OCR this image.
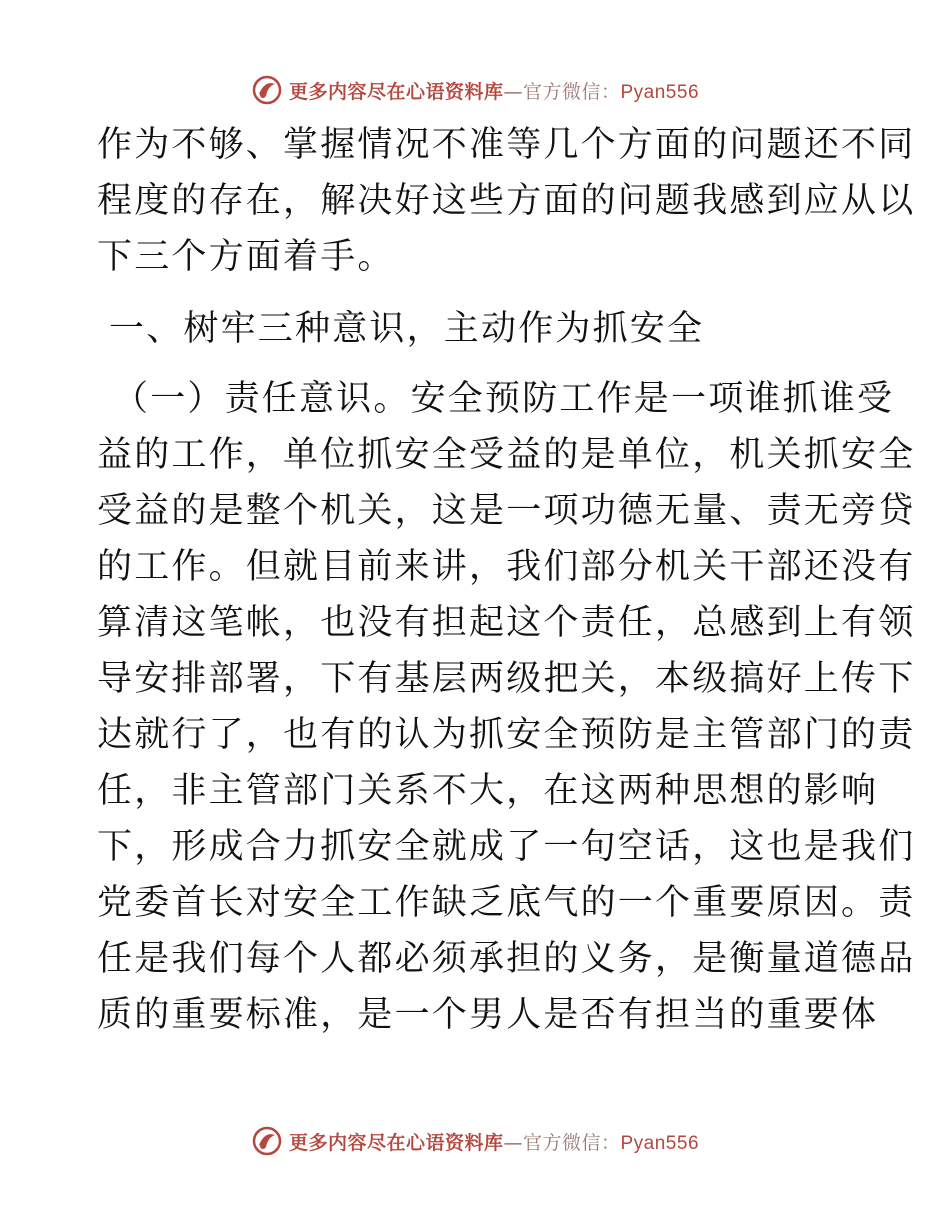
更多内容尽在心语资料库—官方微信：Pyan556
作为不够、掌握情况不准等几个方面的问题还不同
程度的存在，解决好这些方面的问题我感到应从以
下三个方面着手。
一、树牢三种意识，主动作为抓安全
（一）责任意识。安全预防工作是一项谁抓谁受
益的工作，单位抓安全受益的是单位，机关抓安全
受益的是整个机关，这是一项功德无量、责无旁贷
的工作。但就目前来讲，我们部分机关干部还没有
算清这笔帐，也没有担起这个责任，总感到上有领
导安排部署，下有基层两级把关，本级搞好上传下
达就行了，也有的认为抓安全预防是主管部门的责
任，非主管部门关系不大，在这两种思想的影响
下，形成合力抓安全就成了一句空话，这也是我们
党委首长对安全工作缺乏底气的一个重要原因。责
任是我们每个人都必须承担的义务，是衡量道德品
质的重要标准，是一个男人是否有担当的重要体
更多内容尽在心语资料库—官方微信：Pyan556
